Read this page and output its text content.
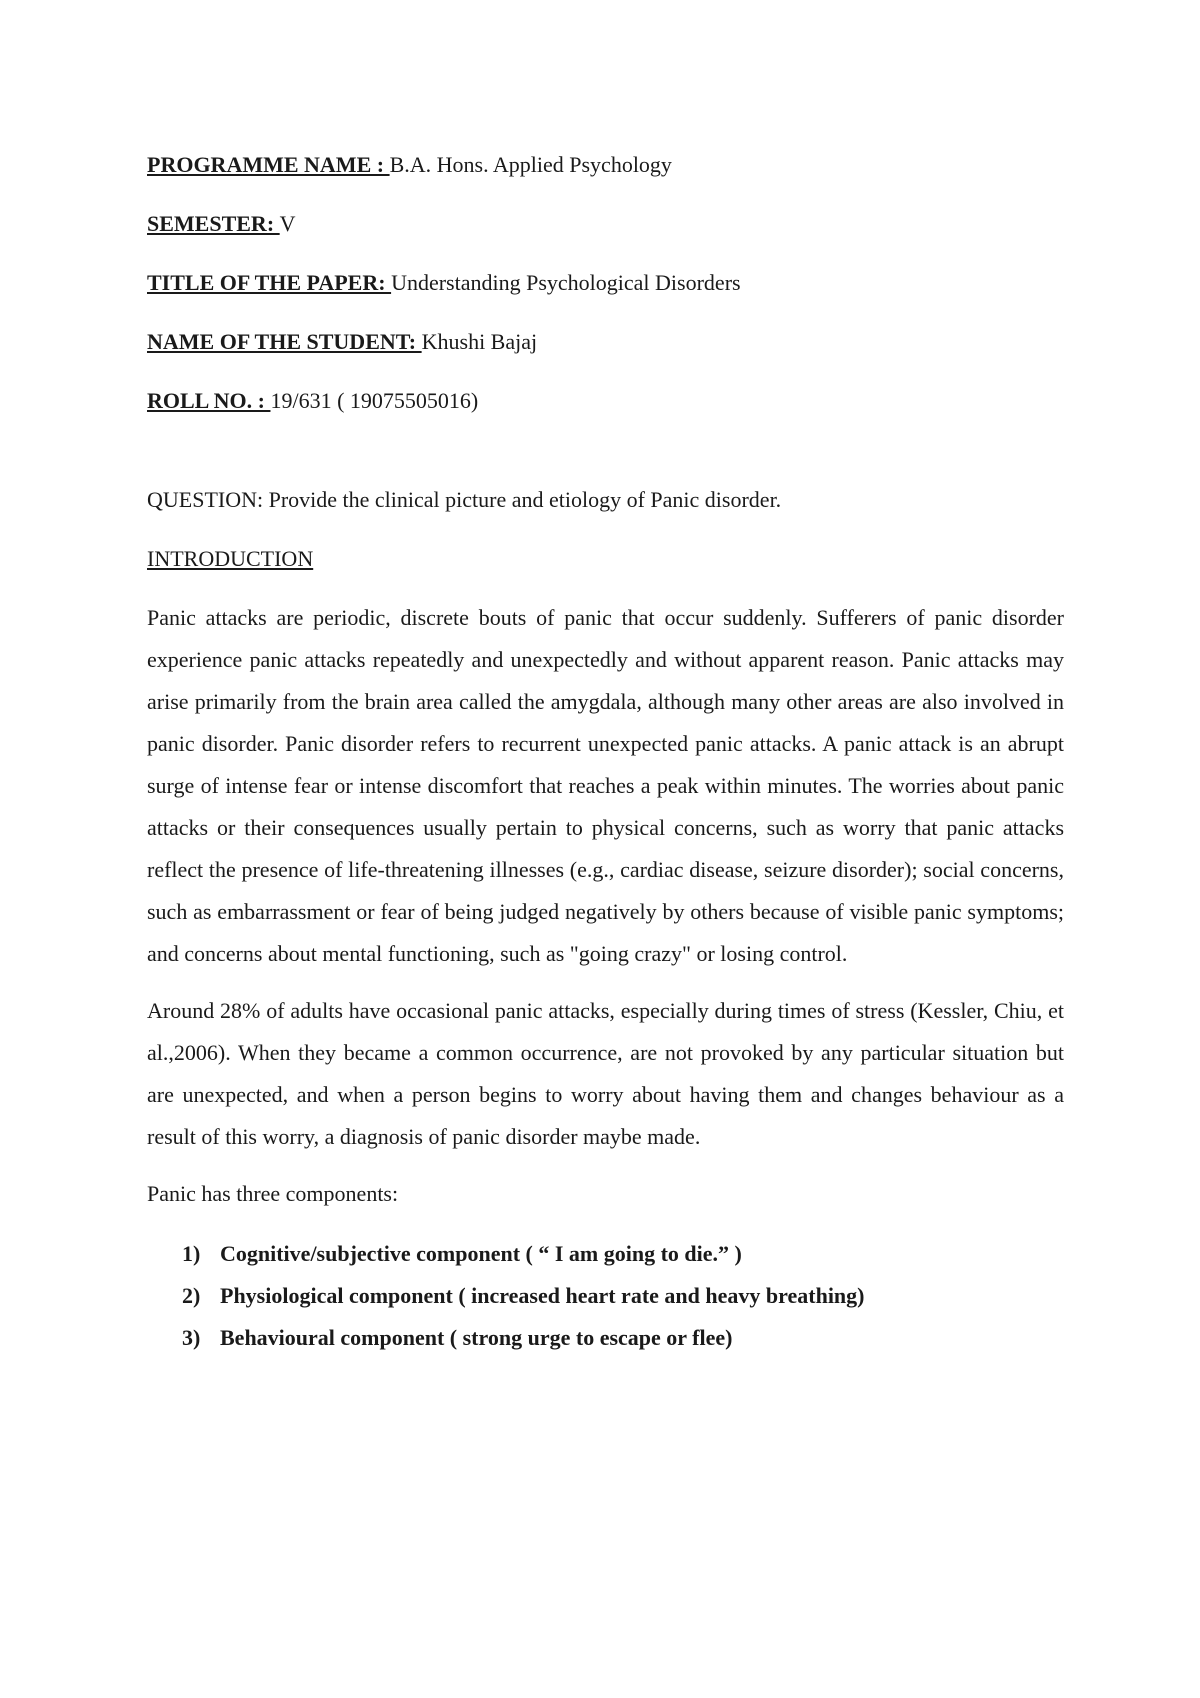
PROGRAMME NAME : B.A. Hons. Applied Psychology
SEMESTER: V
TITLE OF THE PAPER: Understanding Psychological Disorders
NAME OF THE STUDENT: Khushi Bajaj
ROLL NO. : 19/631 ( 19075505016)
QUESTION: Provide the clinical picture and etiology of Panic disorder.
INTRODUCTION

Panic attacks are periodic, discrete bouts of panic that occur suddenly. Sufferers of panic disorder experience panic attacks repeatedly and unexpectedly and without apparent reason. Panic attacks may arise primarily from the brain area called the amygdala, although many other areas are also involved in panic disorder. Panic disorder refers to recurrent unexpected panic attacks. A panic attack is an abrupt surge of intense fear or intense discomfort that reaches a peak within minutes. The worries about panic attacks or their consequences usually pertain to physical concerns, such as worry that panic attacks reflect the presence of life-threatening illnesses (e.g., cardiac disease, seizure disorder); social concerns, such as embarrassment or fear of being judged negatively by others because of visible panic symptoms; and concerns about mental functioning, such as "going crazy" or losing control.

Around 28% of adults have occasional panic attacks, especially during times of stress (Kessler, Chiu, et al.,2006). When they became a common occurrence, are not provoked by any particular situation but are unexpected, and when a person begins to worry about having them and changes behaviour as a result of this worry, a diagnosis of panic disorder maybe made.

Panic has three components:

1) Cognitive/subjective component ( “ I am going to die.” )
2) Physiological component ( increased heart rate and heavy breathing)
3) Behavioural component ( strong urge to escape or flee)
